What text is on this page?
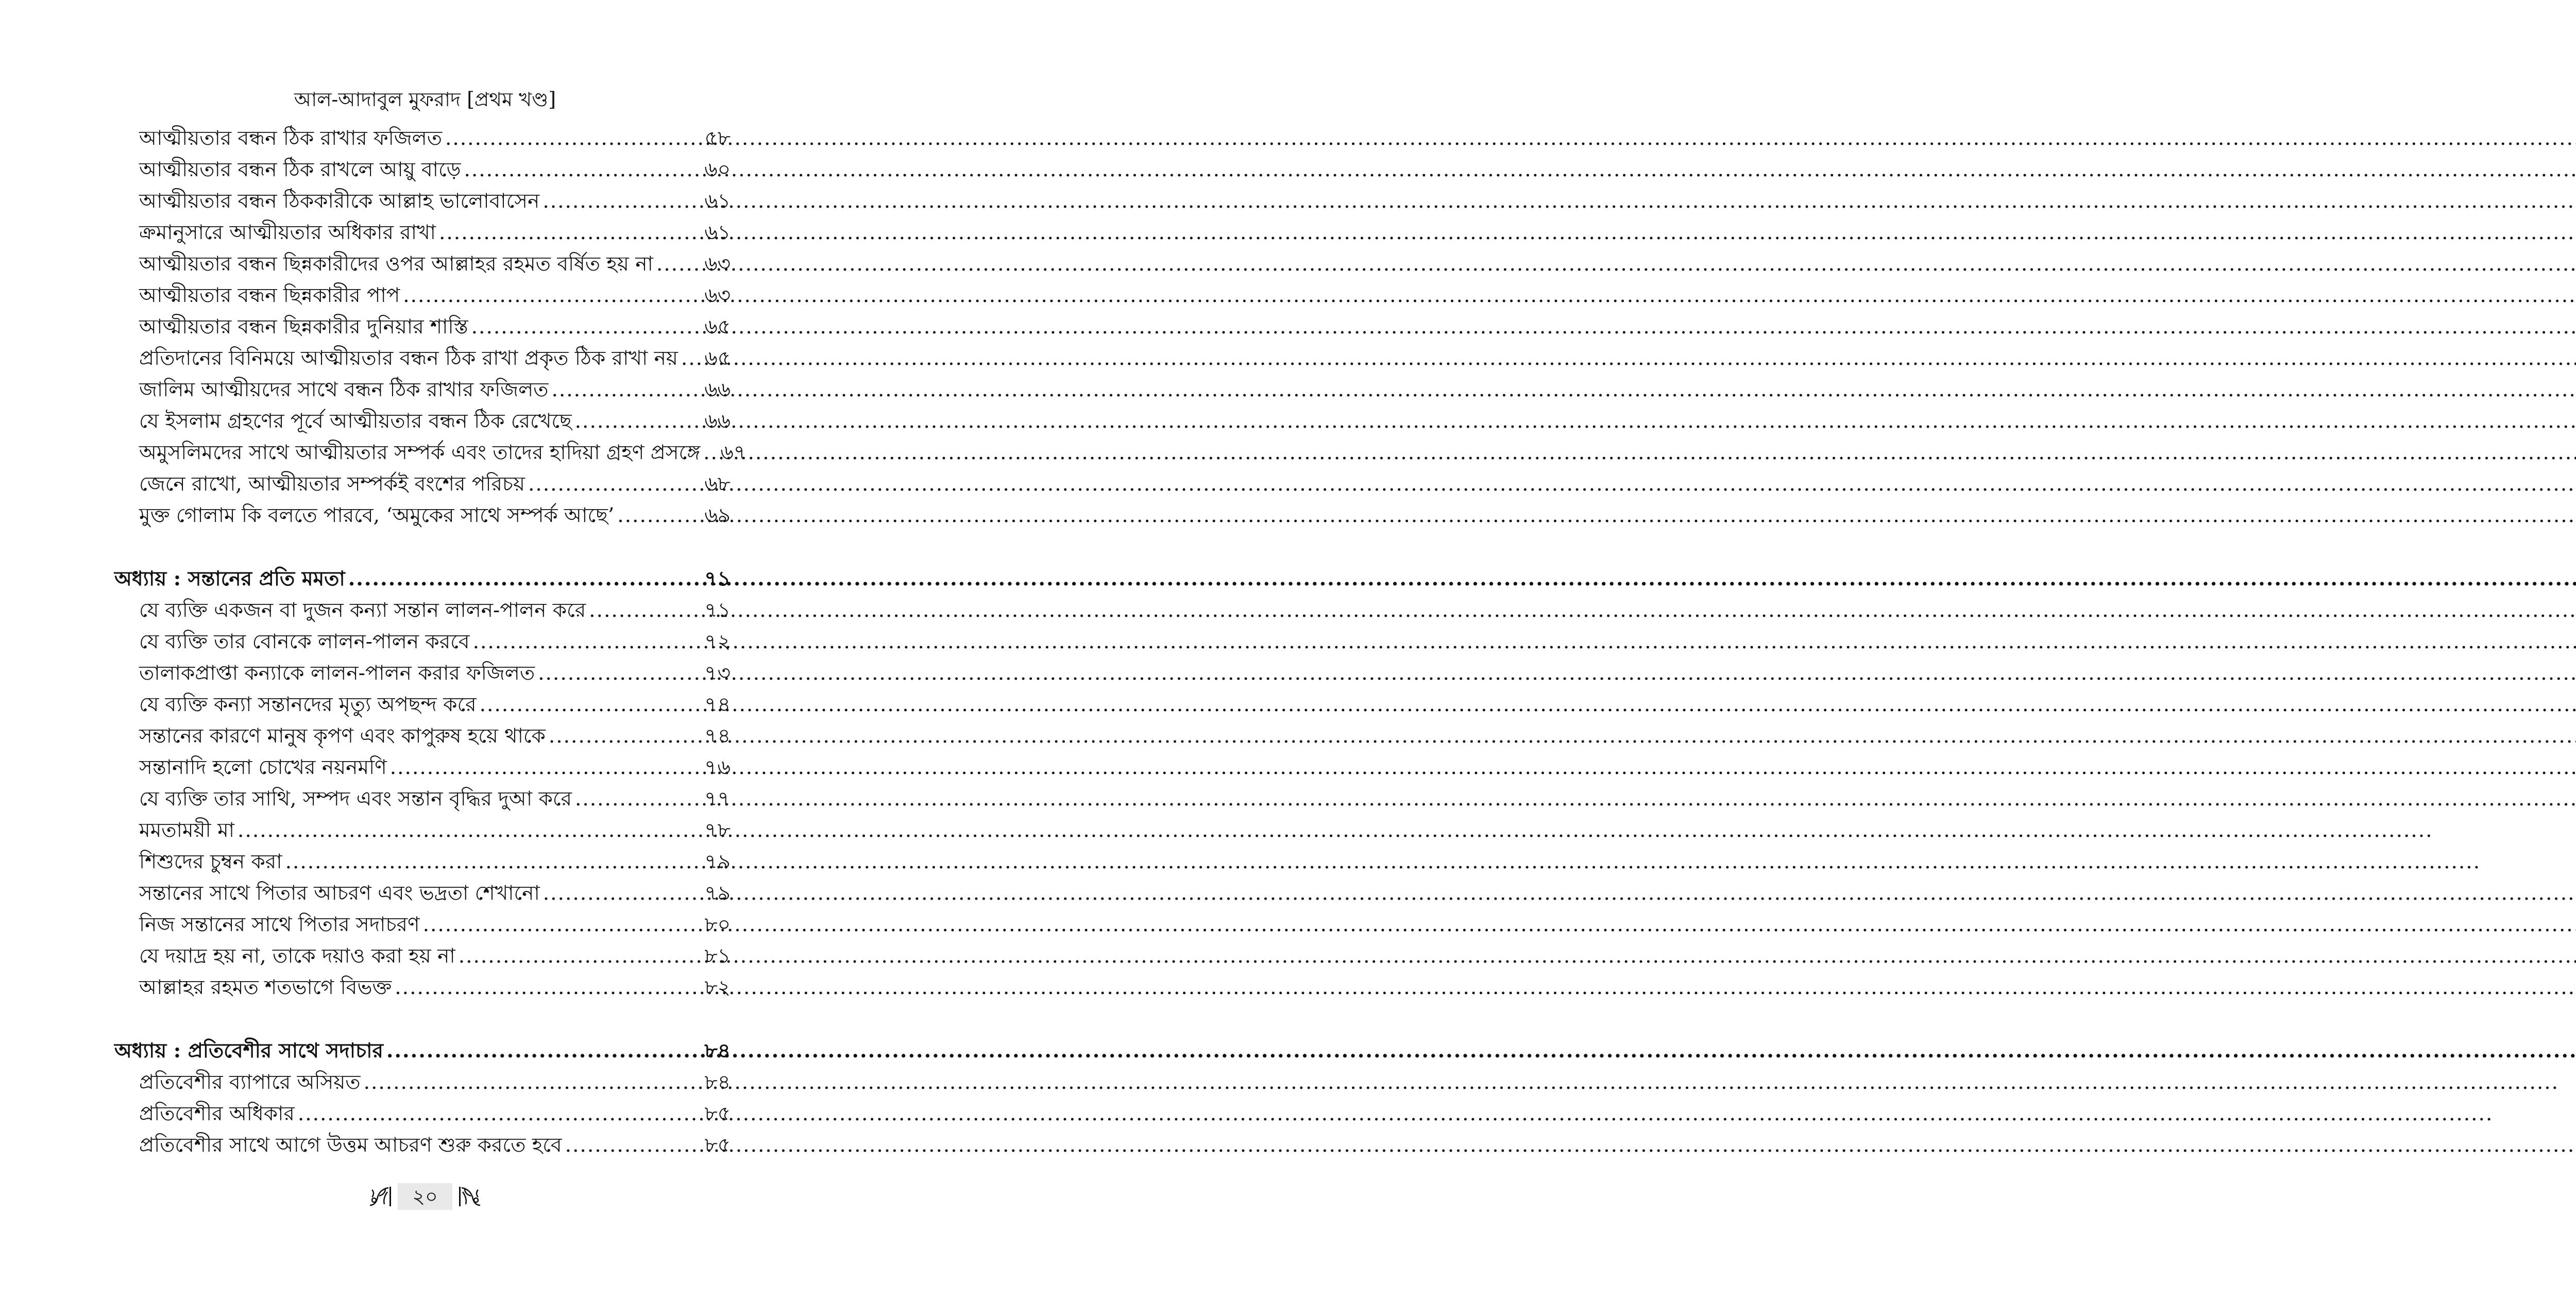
আল-আদাবুল মুফরাদ [প্রথম খণ্ড]
আত্মীয়তার বন্ধন ঠিক রাখার ফজিলত .....	৫৮
আত্মীয়তার বন্ধন ঠিক রাখলে আয়ু বাড়ে .....	৬০
আত্মীয়তার বন্ধন ঠিককারীকে আল্লাহ ভালোবাসেন .....	৬১
ক্রমানুসারে আত্মীয়তার অধিকার রাখা .....	৬১
আত্মীয়তার বন্ধন ছিন্নকারীদের ওপর আল্লাহর রহমত বর্ষিত হয় না .....	৬৩
আত্মীয়তার বন্ধন ছিন্নকারীর পাপ .....	৬৩
আত্মীয়তার বন্ধন ছিন্নকারীর দুনিয়ার শাস্তি .....	৬৫
প্রতিদানের বিনিময়ে আত্মীয়তার বন্ধন ঠিক রাখা প্রকৃত ঠিক রাখা নয় ..... ৬৫
জালিম আত্মীয়দের সাথে বন্ধন ঠিক রাখার ফজিলত .....	৬৬
যে ইসলাম গ্রহণের পূর্বে আত্মীয়তার বন্ধন ঠিক রেখেছে .....	৬৬
অমুসলিমদের সাথে আত্মীয়তার সম্পর্ক এবং তাদের হাদিয়া গ্রহণ প্রসঙ্গে ..... ৬৭
জেনে রাখো, আত্মীয়তার সম্পর্কই বংশের পরিচয় .....	৬৮
মুক্ত গোলাম কি বলতে পারবে, ‘অমুকের সাথে সম্পর্ক আছে’ .....	৬৯
অধ্যায় : সন্তানের প্রতি মমতা .....	৭১
যে ব্যক্তি একজন বা দুজন কন্যা সন্তান লালন-পালন করে .....	৭১
যে ব্যক্তি তার বোনকে লালন-পালন করবে .....	৭২
তালাকপ্রাপ্তা কন্যাকে লালন-পালন করার ফজিলত .....	৭৩
যে ব্যক্তি কন্যা সন্তানদের মৃত্যু অপছন্দ করে .....	৭৪
সন্তানের কারণে মানুষ কৃপণ এবং কাপুরুষ হয়ে থাকে .....	৭৪
সন্তানাদি হলো চোখের নয়নমণি .....	৭৬
যে ব্যক্তি তার সাথি, সম্পদ এবং সন্তান বৃদ্ধির দুআ করে .....	৭৭
মমতাময়ী মা .....	৭৮
শিশুদের চুম্বন করা .....	৭৯
সন্তানের সাথে পিতার আচরণ এবং ভদ্রতা শেখানো .....	৭৯
নিজ সন্তানের সাথে পিতার সদাচরণ .....	৮০
যে দয়াদ্র হয় না, তাকে দয়াও করা হয় না .....	৮১
আল্লাহর রহমত শতভাগে বিভক্ত .....	৮২
অধ্যায় : প্রতিবেশীর সাথে সদাচার .....	৮৪
প্রতিবেশীর ব্যাপারে অসিয়ত .....	৮৪
প্রতিবেশীর অধিকার .....	৮৫
প্রতিবেশীর সাথে আগে উত্তম আচরণ শুরু করতে হবে .....	৮৫
২০
